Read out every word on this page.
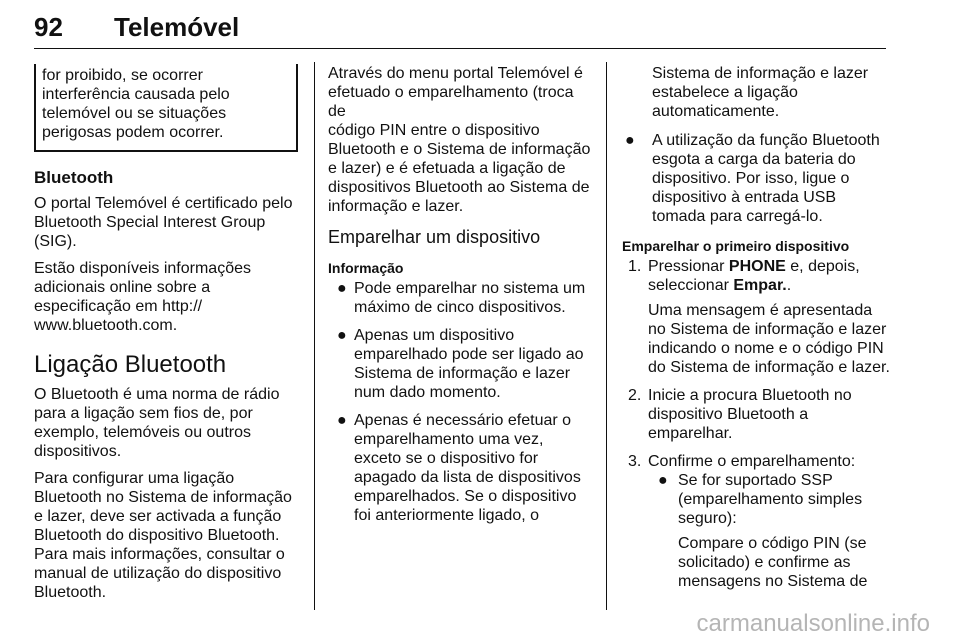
92 Telemóvel
for proibido, se ocorrer
interferência causada pelo
telemóvel ou se situações
perigosas podem ocorrer.
Bluetooth

O portal Telemóvel é certificado pelo
Bluetooth Special Interest Group
(SIG).

Estão disponíveis informações
adicionais online sobre a
especificação em http://
www.bluetooth.com.

Ligação Bluetooth

O Bluetooth é uma norma de rádio
para a ligação sem fios de, por
exemplo, telemóveis ou outros
dispositivos.

Para configurar uma ligação
Bluetooth no Sistema de informação
e lazer, deve ser activada a função
Bluetooth do dispositivo Bluetooth.
Para mais informações, consultar o
manual de utilização do dispositivo
Bluetooth.

Através do menu portal Telemóvel é
efetuado o emparelhamento (troca de
código PIN entre o dispositivo
Bluetooth e o Sistema de informação
e lazer) e é efetuada a ligação de
dispositivos Bluetooth ao Sistema de
informação e lazer.

Emparelhar um dispositivo
Informação
● Pode emparelhar no sistema um
máximo de cinco dispositivos.
● Apenas um dispositivo
emparelhado pode ser ligado ao
Sistema de informação e lazer
num dado momento.
● Apenas é necessário efetuar o
emparelhamento uma vez,
exceto se o dispositivo for
apagado da lista de dispositivos
emparelhados. Se o dispositivo
foi anteriormente ligado, o

Sistema de informação e lazer
estabelece a ligação
automaticamente.

● A utilização da função Bluetooth
esgota a carga da bateria do
dispositivo. Por isso, ligue o
dispositivo à entrada USB
tomada para carregá-lo.
Emparelhar o primeiro dispositivo
1. Pressionar PHONE e, depois,
seleccionar Empar..
Uma mensagem é apresentada
no Sistema de informação e lazer
indicando o nome e o código PIN
do Sistema de informação e lazer.
2. Inicie a procura Bluetooth no
dispositivo Bluetooth a
emparelhar.
3. Confirme o emparelhamento:
● Se for suportado SSP
(emparelhamento simples
seguro):
Compare o código PIN (se
solicitado) e confirme as
mensagens no Sistema de
carmanualsonline.info
